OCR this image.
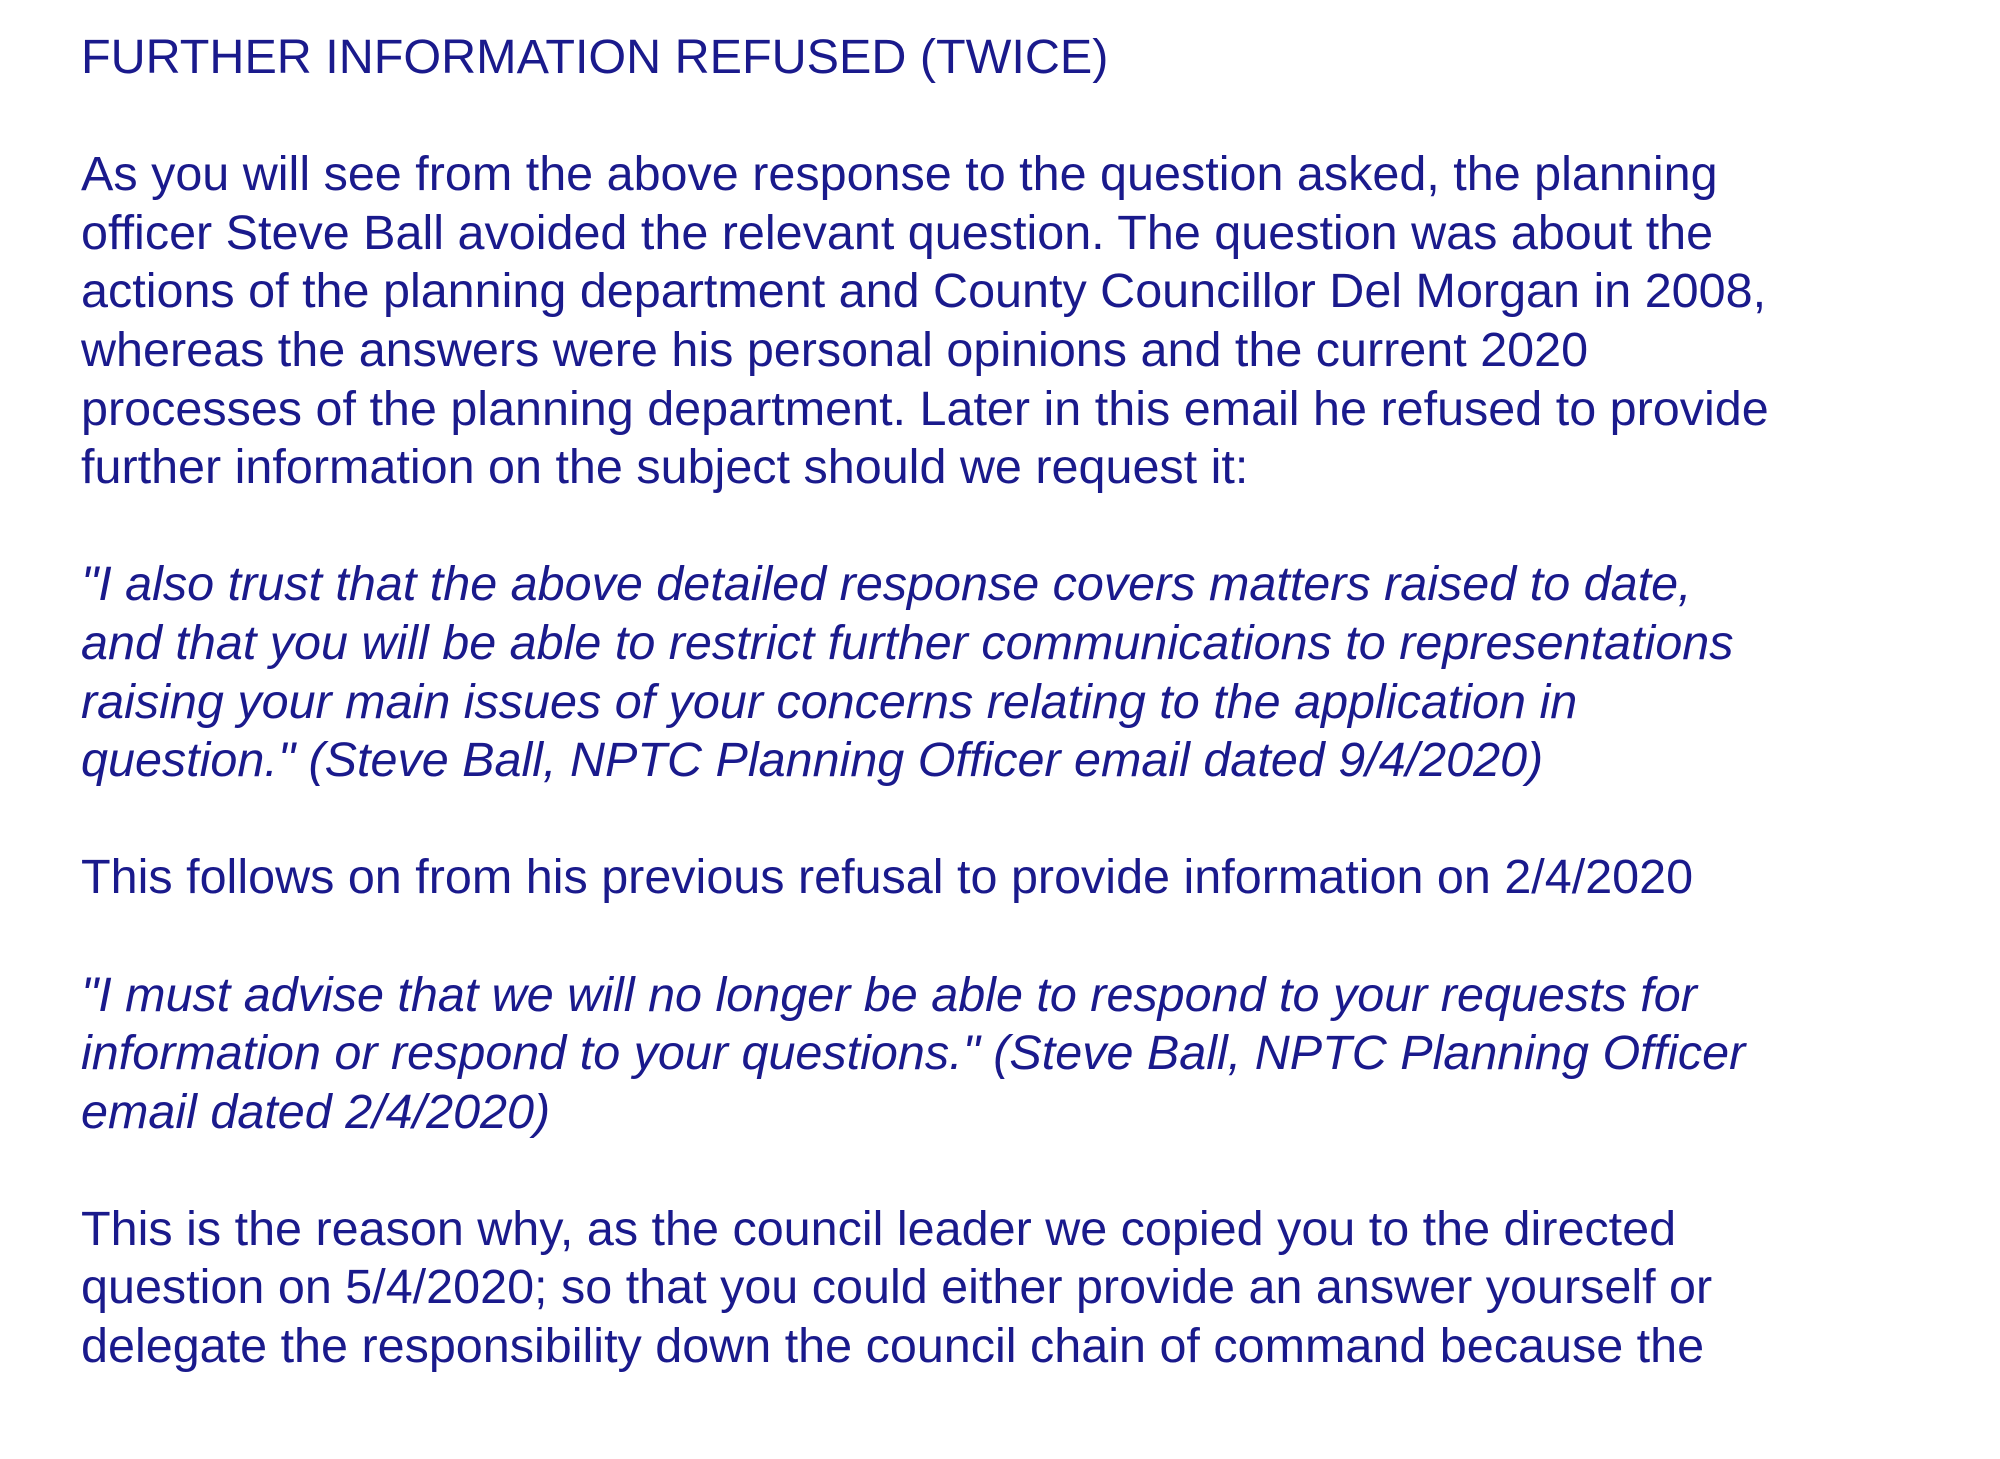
FURTHER INFORMATION REFUSED (TWICE)
As you will see from the above response to the question asked, the planning
officer Steve Ball avoided the relevant question. The question was about the
actions of the planning department and County Councillor Del Morgan in 2008,
whereas the answers were his personal opinions and the current 2020
processes of the planning department. Later in this email he refused to provide
further information on the subject should we request it:
"I also trust that the above detailed response covers matters raised to date,
and that you will be able to restrict further communications to representations
raising your main issues of your concerns relating to the application in
question." (Steve Ball, NPTC Planning Officer email dated 9/4/2020)
This follows on from his previous refusal to provide information on 2/4/2020
"I must advise that we will no longer be able to respond to your requests for
information or respond to your questions." (Steve Ball, NPTC Planning Officer
email dated 2/4/2020)
This is the reason why, as the council leader we copied you to the directed
question on 5/4/2020; so that you could either provide an answer yourself or
delegate the responsibility down the council chain of command because the
